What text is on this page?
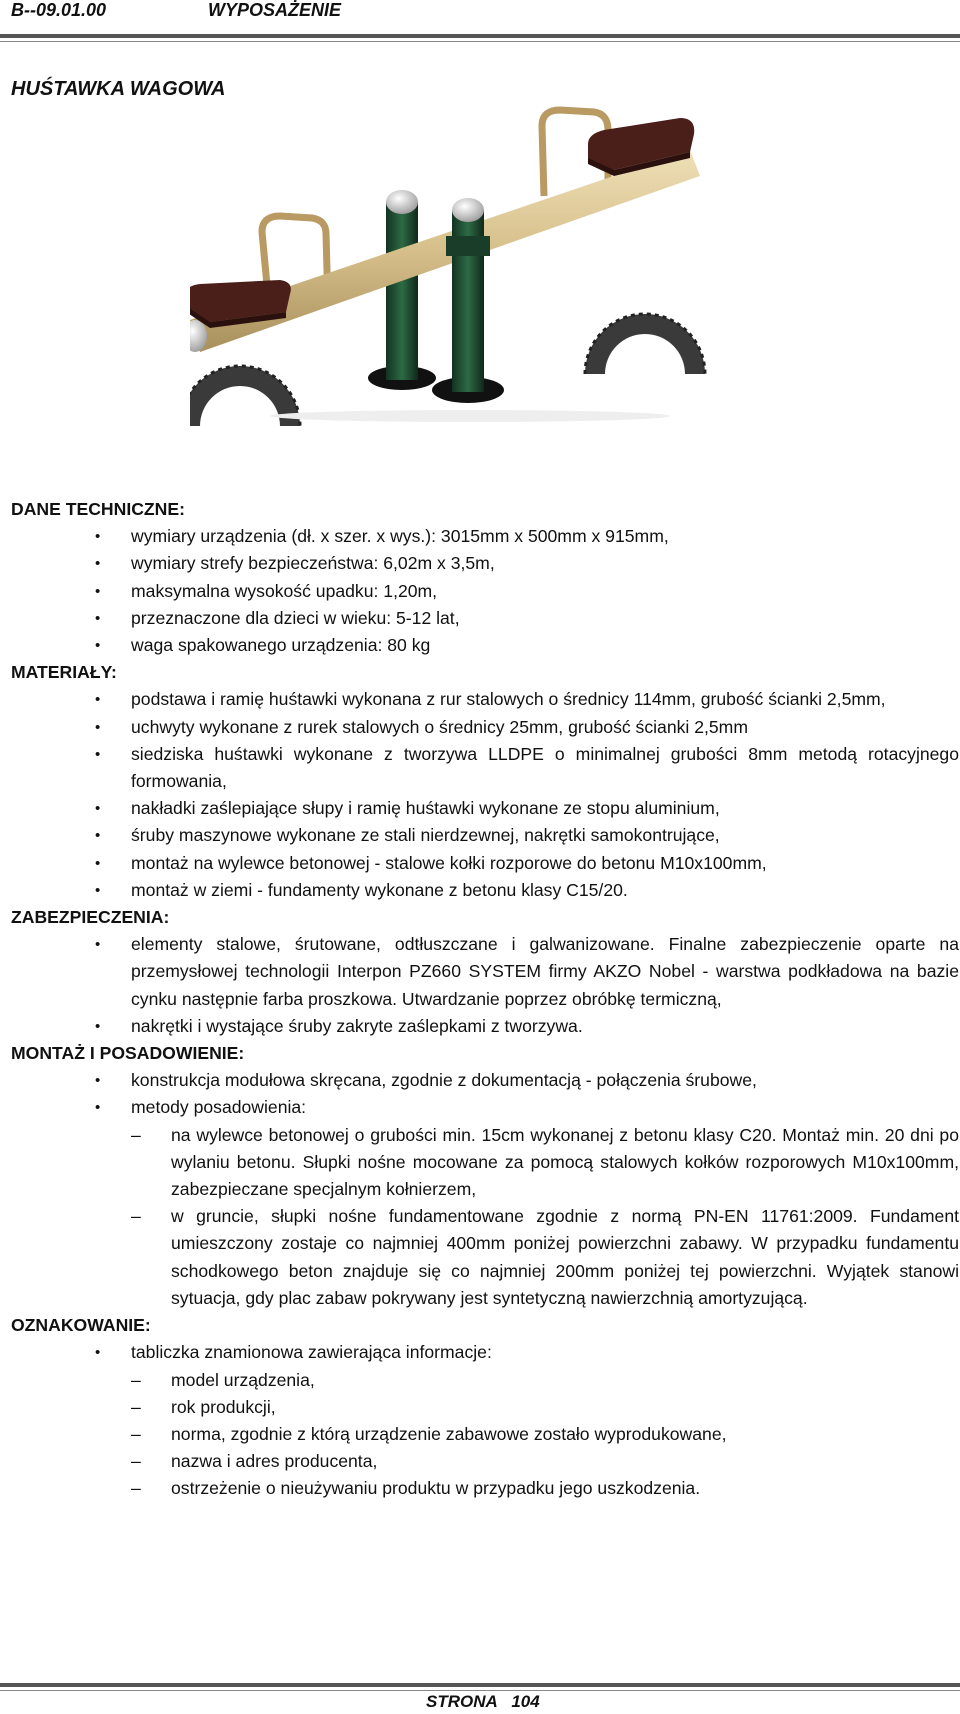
B--09.01.00	WYPOSAŻENIE
HUŚTAWKA WAGOWA
DANE TECHNICZNE:
• wymiary urządzenia (dł. x szer. x wys.): 3015mm x 500mm x 915mm,
• wymiary strefy bezpieczeństwa: 6,02m x 3,5m,
• maksymalna wysokość upadku: 1,20m,
• przeznaczone dla dzieci w wieku: 5-12 lat,
• waga spakowanego urządzenia: 80 kg
MATERIAŁY:
• podstawa i ramię huśtawki wykonana z rur stalowych o średnicy 114mm, grubość ścianki 2,5mm,
• uchwyty wykonane z rurek stalowych o średnicy 25mm, grubość ścianki 2,5mm
• siedziska huśtawki wykonane z tworzywa LLDPE o minimalnej grubości 8mm metodą rotacyjnego formowania,
• nakładki zaślepiające słupy i ramię huśtawki wykonane ze stopu aluminium,
• śruby maszynowe wykonane ze stali nierdzewnej, nakrętki samokontrujące,
• montaż na wylewce betonowej - stalowe kołki rozporowe do betonu M10x100mm,
• montaż w ziemi - fundamenty wykonane z betonu klasy C15/20.
ZABEZPIECZENIA:
• elementy stalowe, śrutowane, odtłuszczane i galwanizowane. Finalne zabezpieczenie oparte na przemysłowej technologii Interpon PZ660 SYSTEM firmy AKZO Nobel - warstwa podkładowa na bazie cynku następnie farba proszkowa. Utwardzanie poprzez obróbkę termiczną,
• nakrętki i wystające śruby zakryte zaślepkami z tworzywa.
MONTAŻ I POSADOWIENIE:
• konstrukcja modułowa skręcana, zgodnie z dokumentacją - połączenia śrubowe,
• metody posadowienia:
– na wylewce betonowej o grubości min. 15cm wykonanej z betonu klasy C20. Montaż min. 20 dni po wylaniu betonu. Słupki nośne mocowane za pomocą stalowych kołków rozporowych M10x100mm, zabezpieczane specjalnym kołnierzem,
– w gruncie, słupki nośne fundamentowane zgodnie z normą PN-EN 11761:2009. Fundament umieszczony zostaje co najmniej 400mm poniżej powierzchni zabawy. W przypadku fundamentu schodkowego beton znajduje się co najmniej 200mm poniżej tej powierzchni. Wyjątek stanowi sytuacja, gdy plac zabaw pokrywany jest syntetyczną nawierzchnią amortyzującą.
OZNAKOWANIE:
• tabliczka znamionowa zawierająca informacje:
– model urządzenia,
– rok produkcji,
– norma, zgodnie z którą urządzenie zabawowe zostało wyprodukowane,
– nazwa i adres producenta,
– ostrzeżenie o nieużywaniu produktu w przypadku jego uszkodzenia.
STRONA   104
